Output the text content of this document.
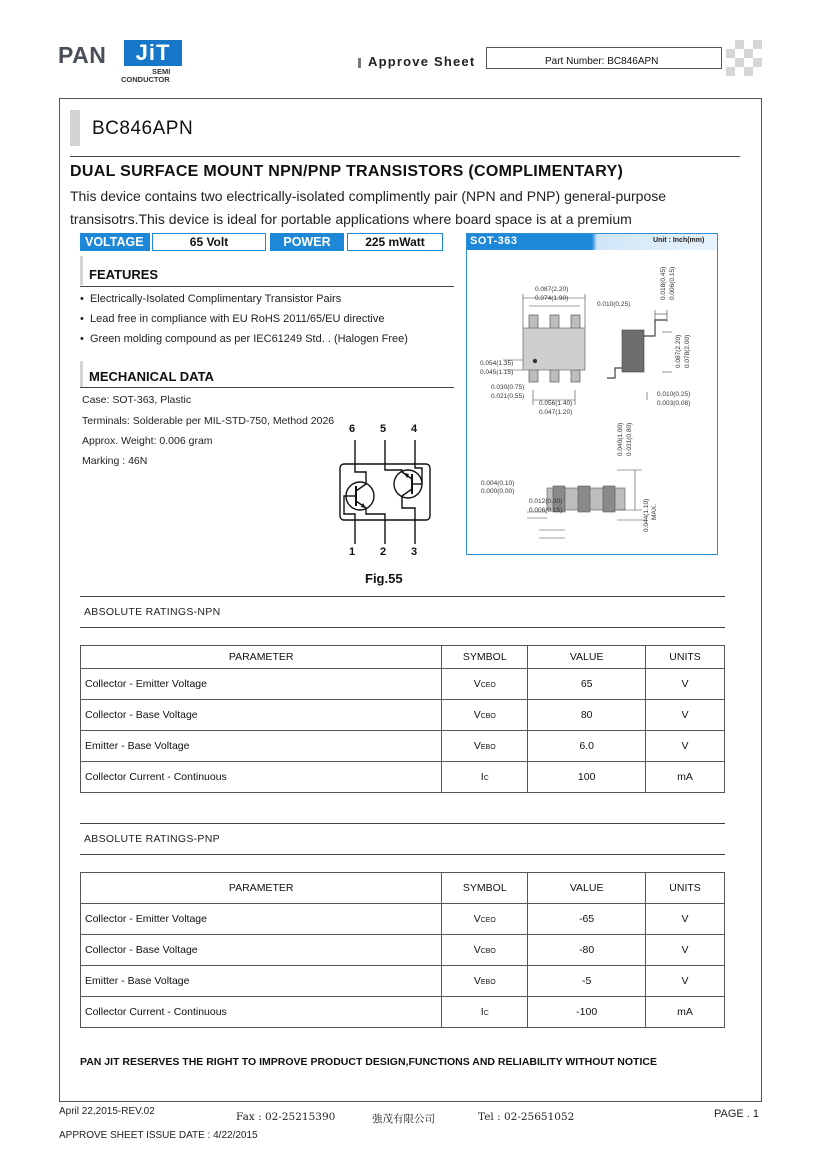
PAN	JiT
SEMI
CONDUCTOR
Approve Sheet	Part Number: BC846APN
BC846APN
DUAL SURFACE MOUNT NPN/PNP TRANSISTORS (COMPLIMENTARY)
This device contains two electrically-isolated complimently pair (NPN and PNP) general-purpose transisotrs.This device is ideal for portable applications where board space is at a premium
VOLTAGE	65 Volt	POWER	225 mWatt
FEATURES
•  Electrically-Isolated Complimentary Transistor Pairs
•  Lead free in compliance with EU RoHS 2011/65/EU directive
•  Green molding compound as per IEC61249 Std. . (Halogen Free)
MECHANICAL DATA
Case: SOT-363, Plastic
Terminals: Solderable per MIL-STD-750, Method 2026
Approx. Weight: 0.006 gram
Marking : 46N
6 5 4
1 2 3
Fig.55
SOT-363	Unit : Inch(mm)
0.087(2.20)
0.074(1.90)
0.010(0.25)
0.018(0.45) 0.006(0.15)
0.087(2.20) 0.078(2.00)
0.054(1.35)
0.045(1.15)
0.030(0.75)
0.021(0.55)
0.056(1.40)
0.047(1.20)
0.010(0.25)
0.003(0.08)
0.040(1.00) 0.031(0.80)
0.004(0.10)
0.000(0.00)
0.012(0.30)
0.006(0.15)	0.044(1.10) MAX.
ABSOLUTE RATINGS-NPN
PARAMETER	SYMBOL	VALUE	UNITS
Collector - Emitter Voltage	VCEO	65	V
Collector - Base Voltage	VCBO	80	V
Emitter - Base Voltage	VEBO	6.0	V
Collector Current - Continuous	IC	100	mA
ABSOLUTE RATINGS-PNP
PARAMETER	SYMBOL	VALUE	UNITS
Collector - Emitter Voltage	VCEO	-65	V
Collector - Base Voltage	VCBO	-80	V
Emitter - Base Voltage	VEBO	-5	V
Collector Current - Continuous	IC	-100	mA
PAN JIT RESERVES THE RIGHT TO IMPROVE PRODUCT DESIGN,FUNCTIONS AND RELIABILITY WITHOUT NOTICE
April 22,2015-REV.02	Fax : 02-25215390	強茂有限公司	Tel : 02-25651052	PAGE . 1
APPROVE SHEET ISSUE DATE : 4/22/2015
